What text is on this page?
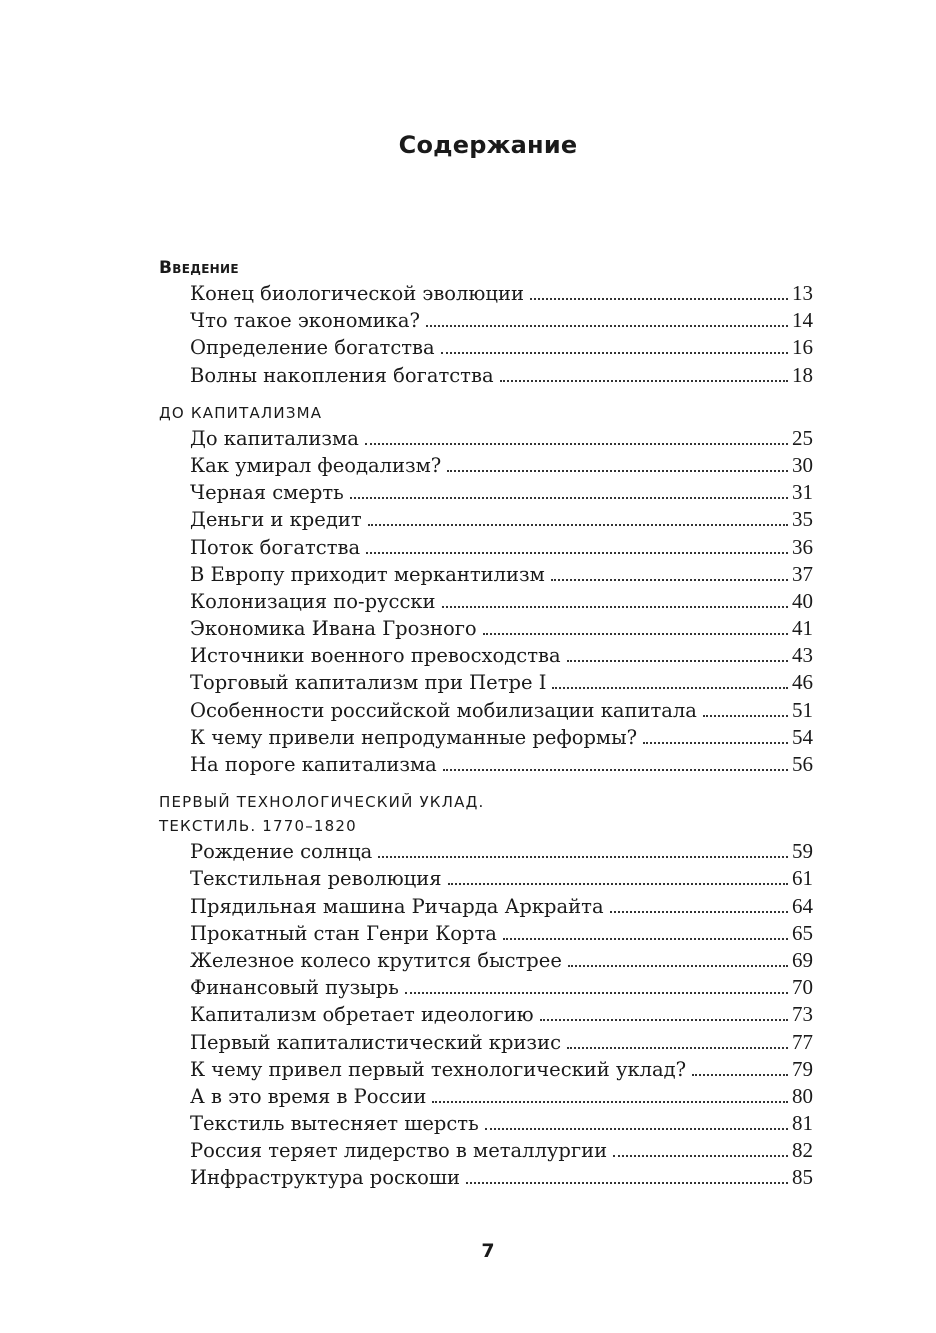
Содержание
Введение
Конец биологической эволюции	13
Что такое экономика?	14
Определение богатства	16
Волны накопления богатства	18
ДО КАПИТАЛИЗМА
До капитализма	25
Как умирал феодализм?	30
Черная смерть	31
Деньги и кредит	35
Поток богатства	36
В Европу приходит меркантилизм	37
Колонизация по-русски	40
Экономика Ивана Грозного	41
Источники военного превосходства	43
Торговый капитализм при Петре I	46
Особенности российской мобилизации капитала	51
К чему привели непродуманные реформы?	54
На пороге капитализма	56
ПЕРВЫЙ ТЕХНОЛОГИЧЕСКИЙ УКЛАД.
ТЕКСТИЛЬ. 1770–1820
Рождение солнца	59
Текстильная революция	61
Прядильная машина Ричарда Аркрайта	64
Прокатный стан Генри Корта	65
Железное колесо крутится быстрее	69
Финансовый пузырь	70
Капитализм обретает идеологию	73
Первый капиталистический кризис	77
К чему привел первый технологический уклад?	79
А в это время в России	80
Текстиль вытесняет шерсть	81
Россия теряет лидерство в металлургии	82
Инфраструктура роскоши	85
7
